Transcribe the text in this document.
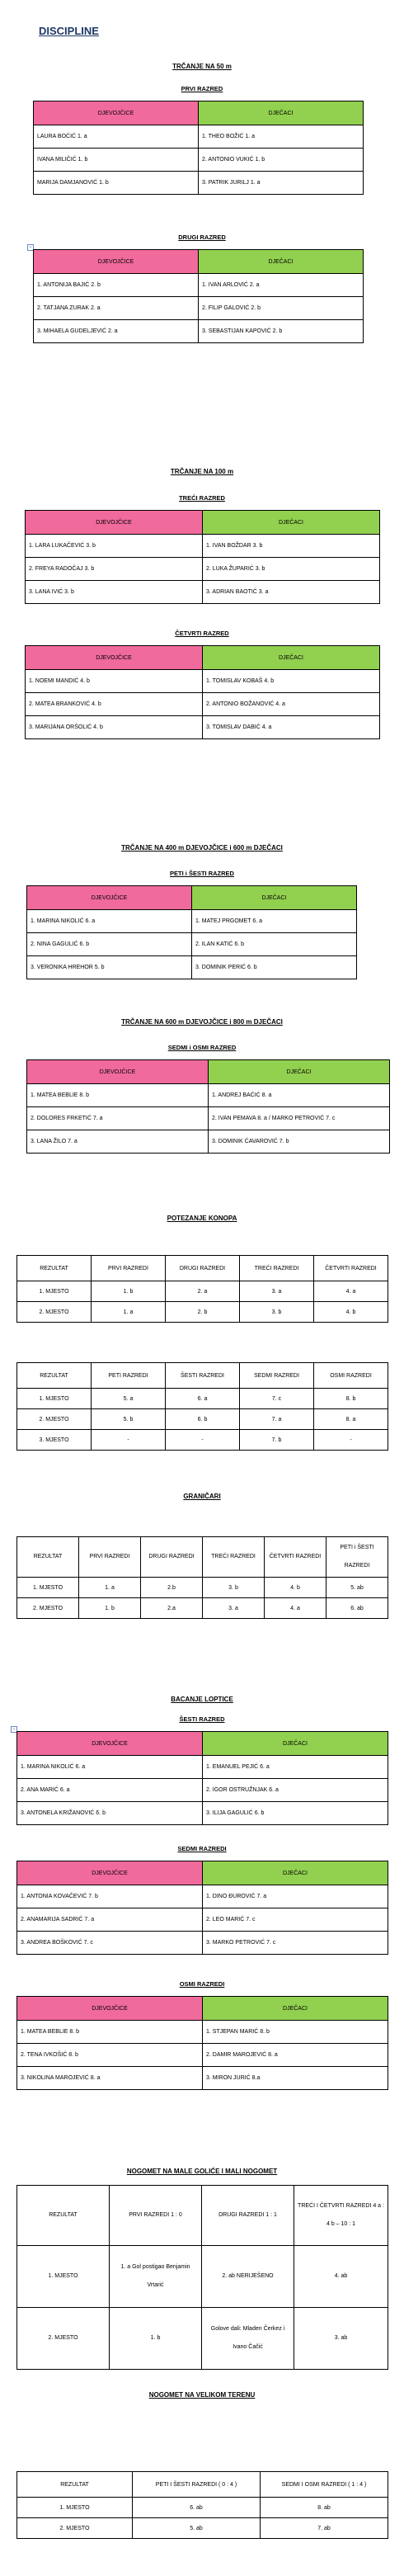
DISCIPLINE
TRČANJE NA 50 m
PRVI RAZRED
DJEVOJČICE	DJEČACI
LAURA BOĆIĆ 1. a	1. THEO BOŽIĆ 1. a
IVANA MILIČIĆ 1. b	2. ANTONIO VUKIĆ 1. b
MARIJA DAMJANOVIĆ 1. b	3. PATRIK JURILJ 1. a
DRUGI RAZRED
+
DJEVOJČICE	DJEČACI
1. ANTONIJA BAJIĆ 2. b	1. IVAN ARLOVIĆ 2. a
2. TATJANA ZURAK 2. a	2. FILIP GALOVIĆ 2. b
3. MIHAELA GUDELJEVIĆ 2. a	3. SEBASTIJAN KAPOVIĆ 2. b
TRČANJE NA 100 m
TREĆI RAZRED
DJEVOJČICE	DJEČACI
1. LARA LUKAČEVIĆ 3. b	1. IVAN BOŽDAR 3. b
2. FREYA RADOČAJ 3. b	2. LUKA ŽUPARIĆ 3. b
3. LANA IVIĆ 3. b	3. ADRIAN BAOTIĆ 3. a
ČETVRTI RAZRED
DJEVOJČICE	DJEČACI
1. NOEMI MANDIĆ 4. b	1. TOMISLAV KOBAŠ 4. b
2. MATEA BRANKOVIĆ 4. b	2. ANTONIO BOŽANOVIĆ 4. a
3. MARIJANA ORŠOLIĆ 4. b	3. TOMISLAV DABIĆ 4. a
TRČANJE NA 400 m DJEVOJČICE i 600 m DJEČACI
PETI i ŠESTI RAZRED
DJEVOJČICE	DJEČACI
1. MARINA NIKOLIĆ 6. a	1. MATEJ PRGOMET 6. a
2. NINA GAGULIĆ 6. b	2. ILAN KATIĆ 6. b
3. VERONIKA HREHOR 5. b	3. DOMINIK PERIĆ 6. b
TRČANJE NA 600 m DJEVOJČICE i 800 m DJEČACI
SEDMI i OSMI RAZRED
DJEVOJČICE	DJEČACI
1. MATEA BEBLIE 8. b	1. ANDREJ BAĆIĆ 8. a
2. DOLORES FRKETIĆ 7. a	2. IVAN PEMAVA 8. a / MARKO PETROVIĆ 7. c
3. LANA ŽILO 7. a	3. DOMINIK ĆAVAROVIĆ 7. b
POTEZANJE KONOPA
REZULTAT	PRVI RAZREDI	DRUGI RAZREDI	TREĆI RAZREDI	ČETVRTI RAZREDI
1. MJESTO	1. b	2. a	3. a	4. a
2. MJESTO	1. a	2. b	3. b	4. b
REZULTAT	PETI RAZREDI	ŠESTI RAZREDI	SEDMI RAZREDI	OSMI RAZREDI
1. MJESTO	5. a	6. a	7. c	8. b
2. MJESTO	5. b	6. b	7. a	8. a
3. MJESTO	-	-	7. b	-
GRANIČARI
REZULTAT	PRVI RAZREDI	DRUGI RAZREDI	TREĆI RAZREDI	ČETVRTI RAZREDI	PETI i ŠESTI RAZREDI
1. MJESTO	1. a	2.b	3. b	4. b	5. ab
2. MJESTO	1. b	2.a	3. a	4. a	6. ab
BACANJE LOPTICE
ŠESTI RAZRED
+
DJEVOJČICE	DJEČACI
1. MARINA NIKOLIĆ 6. a	1. EMANUEL PEJIĆ 6. a
2. ANA MARIĆ 6. a	2. IGOR OSTRUŽNJAK 6. a
3. ANTONELA KRIŽANOVIĆ 6. b	3. ILIJA GAGULIĆ 6. b
SEDMI RAZREDI
DJEVOJČICE	DJEČACI
1. ANTONIA KOVAČEVIĆ 7. b	1. DINO ĐUROVIĆ 7. a
2. ANAMARIJA SADRIĆ 7. a	2. LEO MARIĆ 7. c
3. ANDREA BOŠKOVIĆ 7. c	3. MARKO PETROVIĆ 7. c
OSMI RAZREDI
DJEVOJČICE	DJEČACI
1. MATEA BEBLIE 8. b	1. STJEPAN MARIĆ 8. b
2. TENA IVKOŠIĆ 8. b	2. DAMIR MAROJEVIĆ 8. a
3. NIKOLINA MAROJEVIĆ 8. a	3. MIRON JURIĆ 8.a
NOGOMET NA MALE GOLIĆE I MALI NOGOMET
REZULTAT	PRVI RAZREDI 1 : 0	DRUGI RAZREDI 1 : 1	TREĆI I ČETVRTI RAZREDI 4 a : 4 b – 10 : 1
1. MJESTO	1. a Gol postigao Benjamin Vrtarić	2. ab NERIJEŠENO	4. ab
2. MJESTO	1. b	Golove dali: Mladen Čerkez i Ivano Čačić	3. ab
NOGOMET NA VELIKOM TERENU
REZULTAT	PETI I ŠESTI RAZREDI ( 0 : 4 )	SEDMI I OSMI RAZREDI ( 1 : 4 )
1. MJESTO	6. ab	8. ab
2. MJESTO	5. ab	7. ab
